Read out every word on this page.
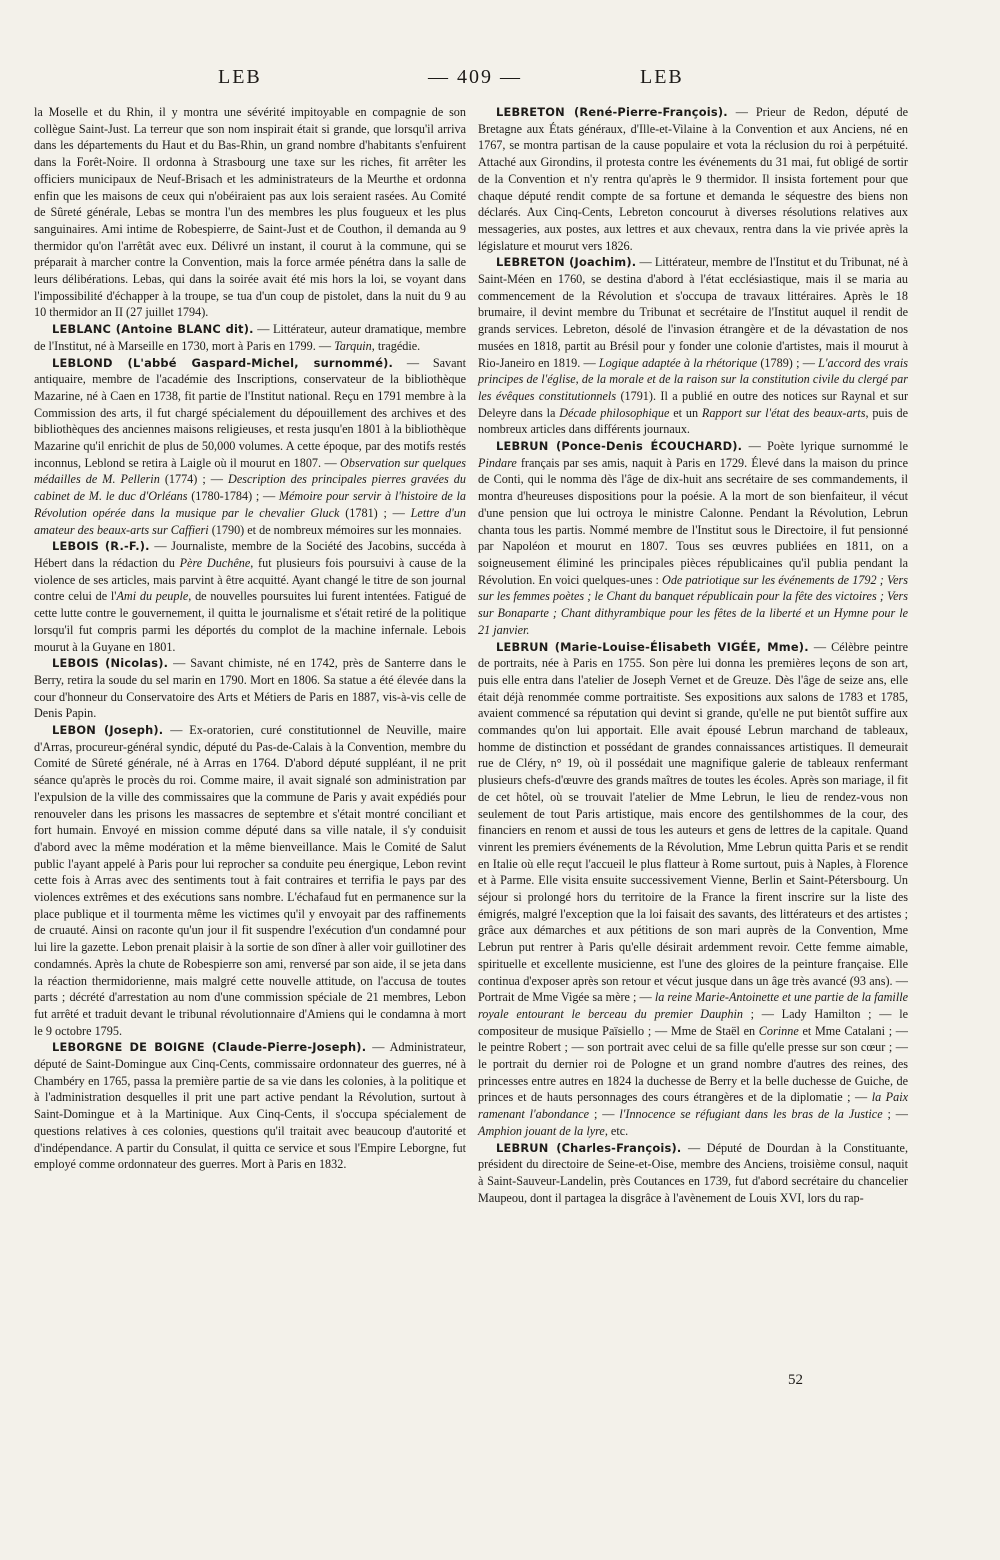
LEB	— 409 —	LEB

la Moselle et du Rhin, il y montra une sévérité impitoyable en compagnie de son collègue Saint-Just. La terreur que son nom inspirait était si grande, que lorsqu'il arriva dans les départements du Haut et du Bas-Rhin, un grand nombre d'habitants s'enfuirent dans la Forêt-Noire. Il ordonna à Strasbourg une taxe sur les riches, fit arrêter les officiers municipaux de Neuf-Brisach et les administrateurs de la Meurthe et ordonna enfin que les maisons de ceux qui n'obéiraient pas aux lois seraient rasées. Au Comité de Sûreté générale, Lebas se montra l'un des membres les plus fougueux et les plus sanguinaires. Ami intime de Robespierre, de Saint-Just et de Couthon, il demanda au 9 thermidor qu'on l'arrêtât avec eux. Délivré un instant, il courut à la commune, qui se préparait à marcher contre la Convention, mais la force armée pénétra dans la salle de leurs délibérations. Lebas, qui dans la soirée avait été mis hors la loi, se voyant dans l'impossibilité d'échapper à la troupe, se tua d'un coup de pistolet, dans la nuit du 9 au 10 thermidor an II (27 juillet 1794).

LEBLANC (Antoine BLANC dit). — Littérateur, auteur dramatique, membre de l'Institut, né à Marseille en 1730, mort à Paris en 1799. — Tarquin, tragédie.

LEBLOND (L'abbé Gaspard-Michel, surnommé). — Savant antiquaire, membre de l'académie des Inscriptions, conservateur de la bibliothèque Mazarine, né à Caen en 1738, fit partie de l'Institut national. Reçu en 1791 membre à la Commission des arts, il fut chargé spécialement du dépouillement des archives et des bibliothèques des anciennes maisons religieuses, et resta jusqu'en 1801 à la bibliothèque Mazarine qu'il enrichit de plus de 50,000 volumes. A cette époque, par des motifs restés inconnus, Leblond se retira à Laigle où il mourut en 1807. — Observation sur quelques médailles de M. Pellerin (1774) ; — Description des principales pierres gravées du cabinet de M. le duc d'Orléans (1780-1784) ; — Mémoire pour servir à l'histoire de la Révolution opérée dans la musique par le chevalier Gluck (1781) ; — Lettre d'un amateur des beaux-arts sur Caffieri (1790) et de nombreux mémoires sur les monnaies.

LEBOIS (R.-F.). — Journaliste, membre de la Société des Jacobins, succéda à Hébert dans la rédaction du Père Duchêne, fut plusieurs fois poursuivi à cause de la violence de ses articles, mais parvint à être acquitté. Ayant changé le titre de son journal contre celui de l'Ami du peuple, de nouvelles poursuites lui furent intentées. Fatigué de cette lutte contre le gouvernement, il quitta le journalisme et s'était retiré de la politique lorsqu'il fut compris parmi les déportés du complot de la machine infernale. Lebois mourut à la Guyane en 1801.

LEBOIS (Nicolas). — Savant chimiste, né en 1742, près de Santerre dans le Berry, retira la soude du sel marin en 1790. Mort en 1806. Sa statue a été élevée dans la cour d'honneur du Conservatoire des Arts et Métiers de Paris en 1887, vis-à-vis celle de Denis Papin.

LEBON (Joseph). — Ex-oratorien, curé constitutionnel de Neuville, maire d'Arras, procureur-général syndic, député du Pas-de-Calais à la Convention, membre du Comité de Sûreté générale, né à Arras en 1764. D'abord député suppléant, il ne prit séance qu'après le procès du roi. Comme maire, il avait signalé son administration par l'expulsion de la ville des commissaires que la commune de Paris y avait expédiés pour renouveler dans les prisons les massacres de septembre et s'était montré conciliant et fort humain. Envoyé en mission comme député dans sa ville natale, il s'y conduisit d'abord avec la même modération et la même bienveillance. Mais le Comité de Salut public l'ayant appelé à Paris pour lui reprocher sa conduite peu énergique, Lebon revint cette fois à Arras avec des sentiments tout à fait contraires et terrifia le pays par des violences extrêmes et des exécutions sans nombre. L'échafaud fut en permanence sur la place publique et il tourmenta même les victimes qu'il y envoyait par des raffinements de cruauté. Ainsi on raconte qu'un jour il fit suspendre l'exécution d'un condamné pour lui lire la gazette. Lebon prenait plaisir à la sortie de son dîner à aller voir guillotiner des condamnés. Après la chute de Robespierre son ami, renversé par son aide, il se jeta dans la réaction thermidorienne, mais malgré cette nouvelle attitude, on l'accusa de toutes parts ; décrété d'arrestation au nom d'une commission spéciale de 21 membres, Lebon fut arrêté et traduit devant le tribunal révolutionnaire d'Amiens qui le condamna à mort le 9 octobre 1795.

LEBORGNE DE BOIGNE (Claude-Pierre-Joseph). — Administrateur, député de Saint-Domingue aux Cinq-Cents, commissaire ordonnateur des guerres, né à Chambéry en 1765, passa la première partie de sa vie dans les colonies, à la politique et à l'administration desquelles il prit une part active pendant la Révolution, surtout à Saint-Domingue et à la Martinique. Aux Cinq-Cents, il s'occupa spécialement de questions relatives à ces colonies, questions qu'il traitait avec beaucoup d'autorité et d'indépendance. A partir du Consulat, il quitta ce service et sous l'Empire Leborgne, fut employé comme ordonnateur des guerres. Mort à Paris en 1832.

LEBRETON (René-Pierre-François). — Prieur de Redon, député de Bretagne aux États généraux, d'Ille-et-Vilaine à la Convention et aux Anciens, né en 1767, se montra partisan de la cause populaire et vota la réclusion du roi à perpétuité. Attaché aux Girondins, il protesta contre les événements du 31 mai, fut obligé de sortir de la Convention et n'y rentra qu'après le 9 thermidor. Il insista fortement pour que chaque député rendit compte de sa fortune et demanda le séquestre des biens non déclarés. Aux Cinq-Cents, Lebreton concourut à diverses résolutions relatives aux messageries, aux postes, aux lettres et aux chevaux, rentra dans la vie privée après la législature et mourut vers 1826.

LEBRETON (Joachim). — Littérateur, membre de l'Institut et du Tribunat, né à Saint-Méen en 1760, se destina d'abord à l'état ecclésiastique, mais il se maria au commencement de la Révolution et s'occupa de travaux littéraires. Après le 18 brumaire, il devint membre du Tribunat et secrétaire de l'Institut auquel il rendit de grands services. Lebreton, désolé de l'invasion étrangère et de la dévastation de nos musées en 1818, partit au Brésil pour y fonder une colonie d'artistes, mais il mourut à Rio-Janeiro en 1819. — Logique adaptée à la rhétorique (1789) ; — L'accord des vrais principes de l'église, de la morale et de la raison sur la constitution civile du clergé par les évêques constitutionnels (1791). Il a publié en outre des notices sur Raynal et sur Deleyre dans la Décade philosophique et un Rapport sur l'état des beaux-arts, puis de nombreux articles dans différents journaux.

LEBRUN (Ponce-Denis ÉCOUCHARD). — Poète lyrique surnommé le Pindare français par ses amis, naquit à Paris en 1729. Élevé dans la maison du prince de Conti, qui le nomma dès l'âge de dix-huit ans secrétaire de ses commandements, il montra d'heureuses dispositions pour la poésie. A la mort de son bienfaiteur, il vécut d'une pension que lui octroya le ministre Calonne. Pendant la Révolution, Lebrun chanta tous les partis. Nommé membre de l'Institut sous le Directoire, il fut pensionné par Napoléon et mourut en 1807. Tous ses œuvres publiées en 1811, on a soigneusement éliminé les principales pièces républicaines qu'il publia pendant la Révolution. En voici quelques-unes : Ode patriotique sur les événements de 1792 ; Vers sur les femmes poètes ; le Chant du banquet républicain pour la fête des victoires ; Vers sur Bonaparte ; Chant dithyrambique pour les fêtes de la liberté et un Hymne pour le 21 janvier.

LEBRUN (Marie-Louise-Élisabeth VIGÉE, Mme). — Célèbre peintre de portraits, née à Paris en 1755. Son père lui donna les premières leçons de son art, puis elle entra dans l'atelier de Joseph Vernet et de Greuze. Dès l'âge de seize ans, elle était déjà renommée comme portraitiste. Ses expositions aux salons de 1783 et 1785, avaient commencé sa réputation qui devint si grande, qu'elle ne put bientôt suffire aux commandes qu'on lui apportait. Elle avait épousé Lebrun marchand de tableaux, homme de distinction et possédant de grandes connaissances artistiques. Il demeurait rue de Cléry, n° 19, où il possédait une magnifique galerie de tableaux renfermant plusieurs chefs-d'œuvre des grands maîtres de toutes les écoles. Après son mariage, il fit de cet hôtel, où se trouvait l'atelier de Mme Lebrun, le lieu de rendez-vous non seulement de tout Paris artistique, mais encore des gentilshommes de la cour, des financiers en renom et aussi de tous les auteurs et gens de lettres de la capitale. Quand vinrent les premiers événements de la Révolution, Mme Lebrun quitta Paris et se rendit en Italie où elle reçut l'accueil le plus flatteur à Rome surtout, puis à Naples, à Florence et à Parme. Elle visita ensuite successivement Vienne, Berlin et Saint-Pétersbourg. Un séjour si prolongé hors du territoire de la France la firent inscrire sur la liste des émigrés, malgré l'exception que la loi faisait des savants, des littérateurs et des artistes ; grâce aux démarches et aux pétitions de son mari auprès de la Convention, Mme Lebrun put rentrer à Paris qu'elle désirait ardemment revoir. Cette femme aimable, spirituelle et excellente musicienne, est l'une des gloires de la peinture française. Elle continua d'exposer après son retour et vécut jusque dans un âge très avancé (93 ans). — Portrait de Mme Vigée sa mère ; — la reine Marie-Antoinette et une partie de la famille royale entourant le berceau du premier Dauphin ; — Lady Hamilton ; — le compositeur de musique Païsiello ; — Mme de Staël en Corinne et Mme Catalani ; — le peintre Robert ; — son portrait avec celui de sa fille qu'elle presse sur son cœur ; — le portrait du dernier roi de Pologne et un grand nombre d'autres des reines, des princesses entre autres en 1824 la duchesse de Berry et la belle duchesse de Guiche, de princes et de hauts personnages des cours étrangères et de la diplomatie ; — la Paix ramenant l'abondance ; — l'Innocence se réfugiant dans les bras de la Justice ; — Amphion jouant de la lyre, etc.

LEBRUN (Charles-François). — Député de Dourdan à la Constituante, président du directoire de Seine-et-Oise, membre des Anciens, troisième consul, naquit à Saint-Sauveur-Landelin, près Coutances en 1739, fut d'abord secrétaire du chancelier Maupeou, dont il partagea la disgrâce à l'avènement de Louis XVI, lors du rap-

52
